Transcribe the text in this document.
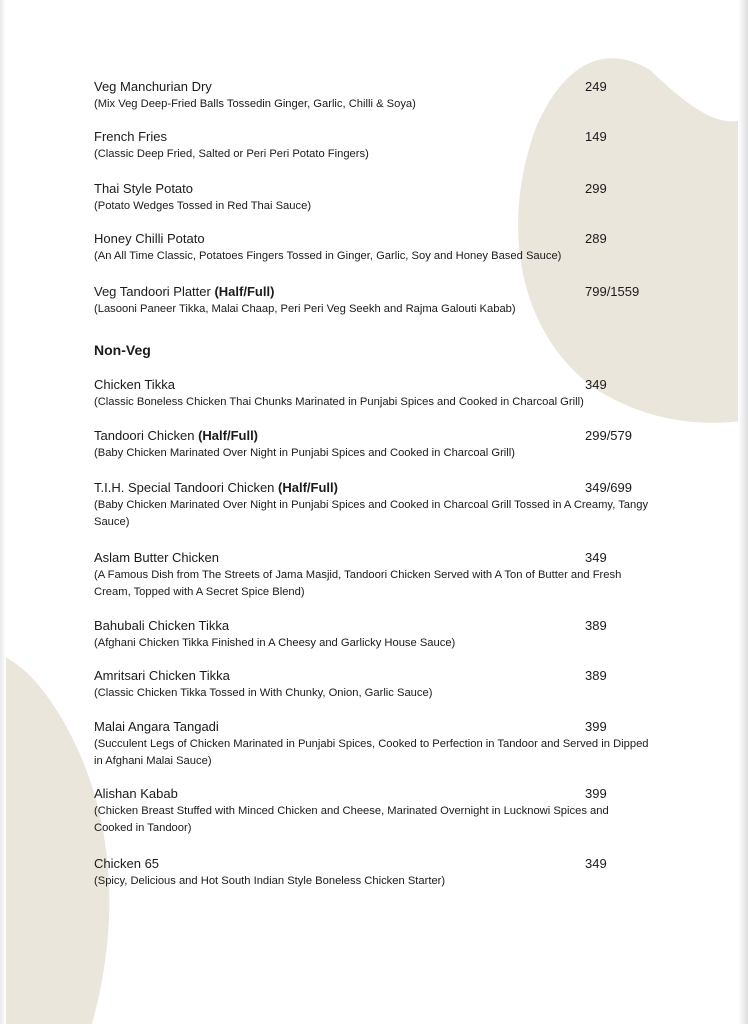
Veg Manchurian Dry	249
(Mix Veg Deep-Fried Balls Tossedin Ginger, Garlic, Chilli & Soya)
French Fries	149
(Classic Deep Fried, Salted or Peri Peri Potato Fingers)
Thai Style Potato	299
(Potato Wedges Tossed in Red Thai Sauce)
Honey Chilli Potato	289
(An All Time Classic, Potatoes Fingers Tossed in Ginger, Garlic, Soy and Honey Based Sauce)
Veg Tandoori Platter (Half/Full)	799/1559
(Lasooni Paneer Tikka, Malai Chaap, Peri Peri Veg Seekh and Rajma Galouti Kabab)
Non-Veg
Chicken Tikka	349
(Classic Boneless Chicken Thai Chunks Marinated in Punjabi Spices and Cooked in Charcoal Grill)
Tandoori Chicken (Half/Full)	299/579
(Baby Chicken Marinated Over Night in Punjabi Spices and Cooked in Charcoal Grill)
T.I.H. Special Tandoori Chicken (Half/Full)	349/699
(Baby Chicken Marinated Over Night in Punjabi Spices and Cooked in Charcoal Grill Tossed in A Creamy, Tangy Sauce)
Aslam Butter Chicken	349
(A Famous Dish from The Streets of Jama Masjid, Tandoori Chicken Served with A Ton of Butter and Fresh Cream, Topped with A Secret Spice Blend)
Bahubali Chicken Tikka	389
(Afghani Chicken Tikka Finished in A Cheesy and Garlicky House Sauce)
Amritsari Chicken Tikka	389
(Classic Chicken Tikka Tossed in With Chunky, Onion, Garlic Sauce)
Malai Angara Tangadi	399
(Succulent Legs of Chicken Marinated in Punjabi Spices, Cooked to Perfection in Tandoor and Served in Dipped in Afghani Malai Sauce)
Alishan Kabab	399
(Chicken Breast Stuffed with Minced Chicken and Cheese, Marinated Overnight in Lucknowi Spices and Cooked in Tandoor)
Chicken 65	349
(Spicy, Delicious and Hot South Indian Style Boneless Chicken Starter)
